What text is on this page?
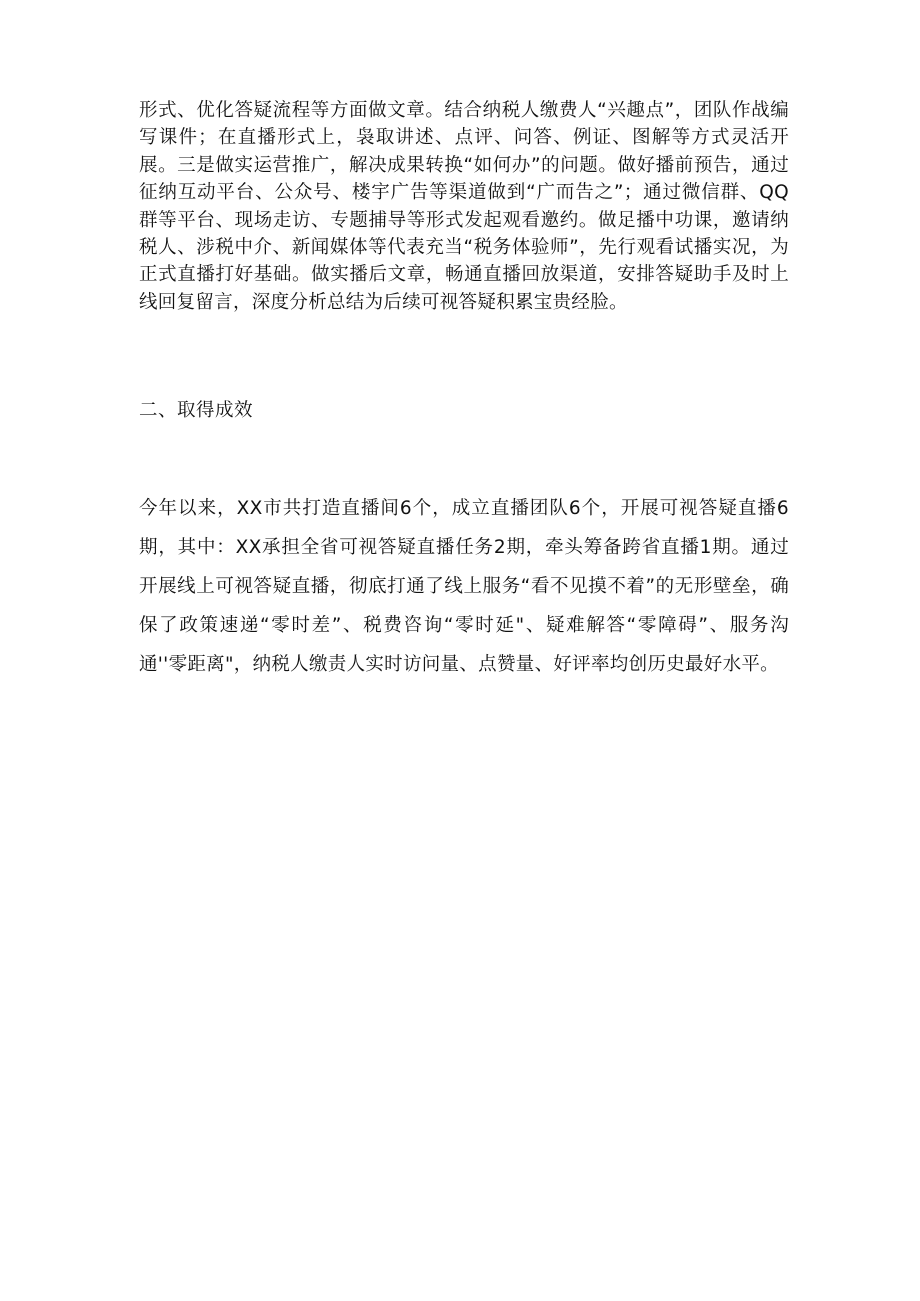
形式、优化答疑流程等方面做文章。结合纳税人缴费人“兴趣点”，团队作战编写课件；在直播形式上，袅取讲述、点评、问答、例证、图解等方式灵活开展。三是做实运营推广，解决成果转换“如何办”的问题。做好播前预告，通过征纳互动平台、公众号、楼宇广告等渠道做到“广而告之”；通过微信群、QQ群等平台、现场走访、专题捕导等形式发起观看邀约。做足播中功课，邀请纳税人、涉税中介、新闻媒体等代表充当“税务体验师”，先行观看试播实况，为正式直播打好基础。做实播后文章，畅通直播回放渠道，安排答疑助手及时上线回复留言，深度分析总结为后续可视答疑积累宝贵经脸。

二、取得成效

今年以来，XX市共打造直播间6个，成立直播团队6个，开展可视答疑直播6期，其中：XX承担全省可视答疑直播任务2期，牵头筹备跨省直播1期。通过开展线上可视答疑直播，彻底打通了线上服务“看不见摸不着”的无形壁垒，确保了政策速递“零时差”、税费咨询“零时延"、疑难解答“零障碍”、服务沟通''零距离"，纳税人缴责人实时访问量、点赞量、好评率均创历史最好水平。
